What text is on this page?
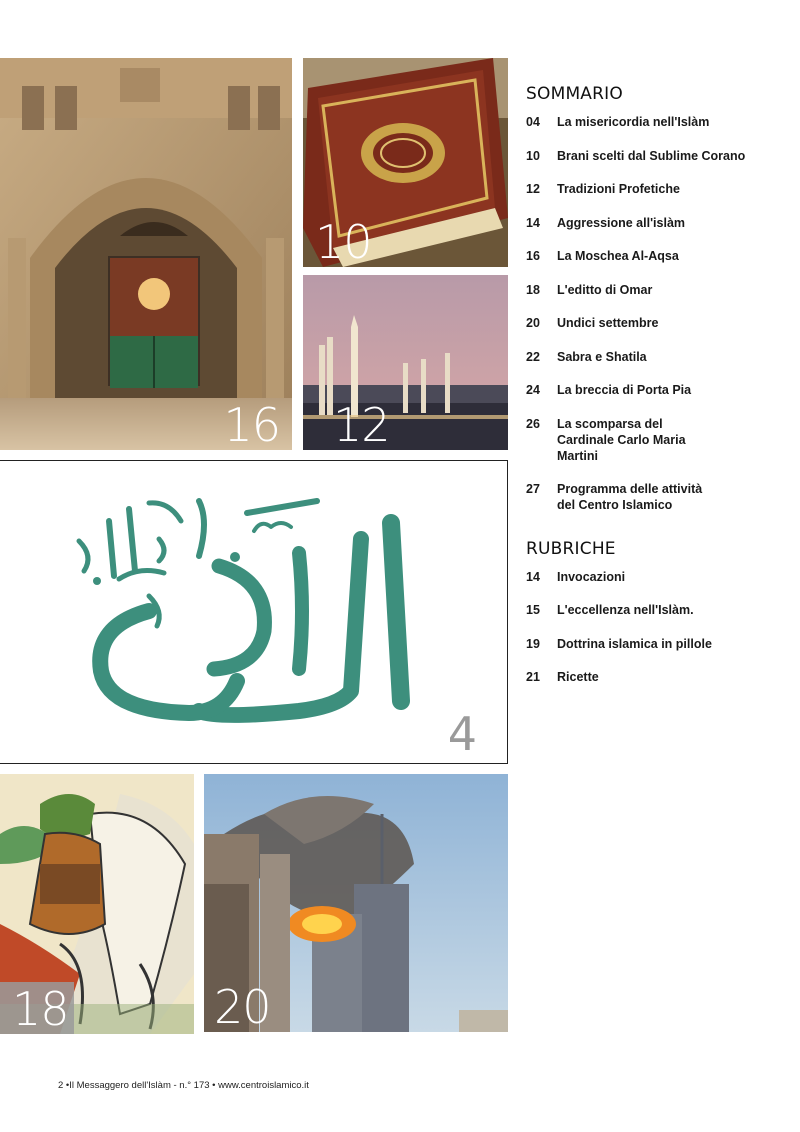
16
10
12
4
18	20
SOMMARIO
04	La misericordia nell'Islàm
10	Brani scelti dal Sublime Corano
12	Tradizioni Profetiche
14	Aggressione all'islàm
16	La Moschea Al-Aqsa
18	L'editto di Omar
20	Undici settembre
22	Sabra e Shatila
24	La breccia di Porta Pia
26	La scomparsa del Cardinale Carlo Maria Martini
27	Programma delle attività del Centro Islamico
RUBRICHE
14	Invocazioni
15	L'eccellenza nell'Islàm.
19	Dottrina islamica in pillole
21	Ricette
2 •Il Messaggero dell'Islàm - n.° 173 • www.centroislamico.it
